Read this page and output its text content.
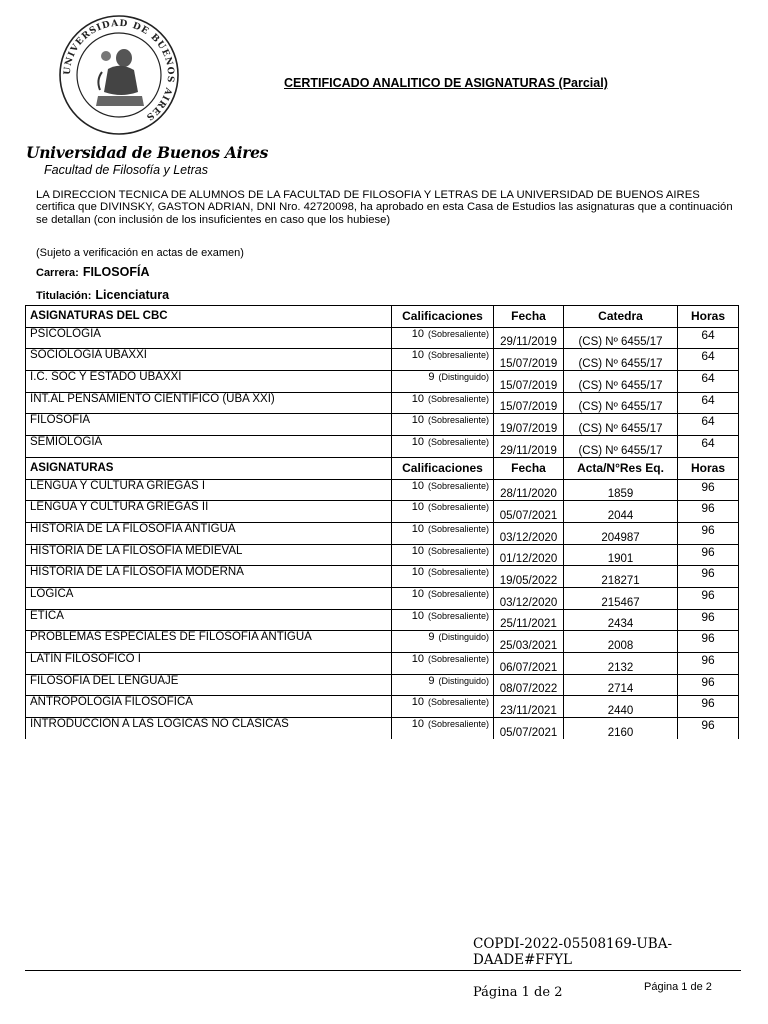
UNIVERSIDAD DE BUENOS AIRES
CERTIFICADO ANALITICO DE ASIGNATURAS (Parcial)
Universidad de Buenos Aires
Facultad de Filosofía y Letras
LA DIRECCION TECNICA DE ALUMNOS DE LA FACULTAD DE FILOSOFIA Y LETRAS DE LA UNIVERSIDAD DE BUENOS AIRES certifica que DIVINSKY, GASTON ADRIAN, DNI Nro. 42720098, ha aprobado en esta Casa de Estudios las asignaturas que a continuación se detallan (con inclusión de los insuficientes en caso que los hubiese)
(Sujeto a verificación en actas de examen)
Carrera: FILOSOFÍA
Titulación: Licenciatura
ASIGNATURAS DEL CBC	Calificaciones	Fecha	Catedra	Horas
PSICOLOGIA	10 (Sobresaliente)	29/11/2019	(CS) Nº 6455/17	64
SOCIOLOGIA UBAXXI	10 (Sobresaliente)	15/07/2019	(CS) Nº 6455/17	64
I.C. SOC Y ESTADO UBAXXI	9 (Distinguido)	15/07/2019	(CS) Nº 6455/17	64
INT.AL PENSAMIENTO CIENTIFICO (UBA XXI)	10 (Sobresaliente)	15/07/2019	(CS) Nº 6455/17	64
FILOSOFIA	10 (Sobresaliente)	19/07/2019	(CS) Nº 6455/17	64
SEMIOLOGÍA	10 (Sobresaliente)	29/11/2019	(CS) Nº 6455/17	64
ASIGNATURAS	Calificaciones	Fecha	Acta/N°Res Eq.	Horas
LENGUA Y CULTURA GRIEGAS I	10 (Sobresaliente)	28/11/2020	1859	96
LENGUA Y CULTURA GRIEGAS II	10 (Sobresaliente)	05/07/2021	2044	96
HISTORIA DE LA FILOSOFÍA ANTIGUA	10 (Sobresaliente)	03/12/2020	204987	96
HISTORIA DE LA FILOSOFÍA MEDIEVAL	10 (Sobresaliente)	01/12/2020	1901	96
HISTORIA DE LA FILOSOFÍA MODERNA	10 (Sobresaliente)	19/05/2022	218271	96
LÓGICA	10 (Sobresaliente)	03/12/2020	215467	96
ÉTICA	10 (Sobresaliente)	25/11/2021	2434	96
PROBLEMAS ESPECIALES DE FILOSOFÍA ANTIGUA	9 (Distinguido)	25/03/2021	2008	96
LATIN FILOSÓFICO I	10 (Sobresaliente)	06/07/2021	2132	96
FILOSOFÍA DEL LENGUAJE	9 (Distinguido)	08/07/2022	2714	96
ANTROPOLOGIA FILOSÓFICA	10 (Sobresaliente)	23/11/2021	2440	96
INTRODUCCION A LAS LOGICAS NO CLASICAS	10 (Sobresaliente)	05/07/2021	2160	96
COPDI-2022-05508169-UBA-DAADE#FFYL
Página 1 de 2	Página 1 de 2
